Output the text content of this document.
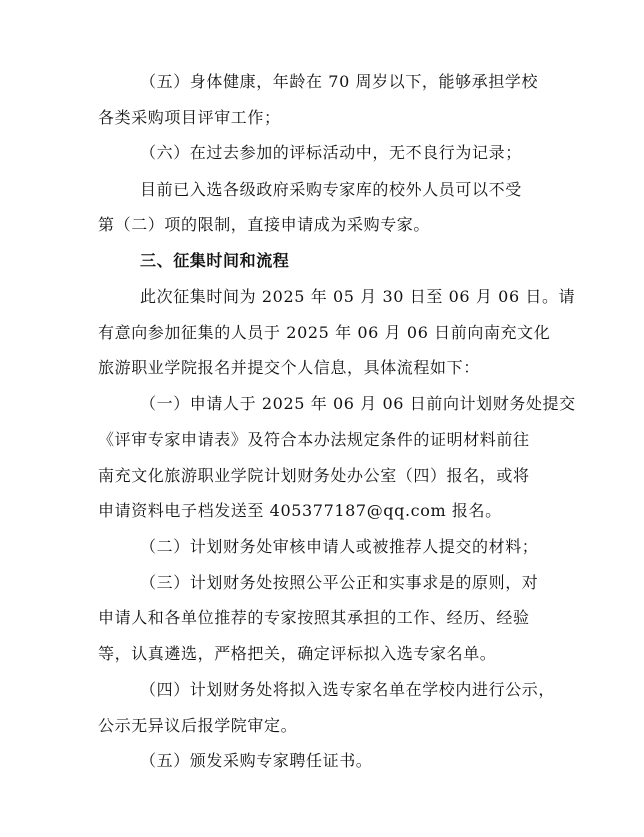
（五）身体健康，年龄在 70 周岁以下，能够承担学校
各类采购项目评审工作；
（六）在过去参加的评标活动中，无不良行为记录；
目前已入选各级政府采购专家库的校外人员可以不受
第（二）项的限制，直接申请成为采购专家。
三、征集时间和流程
此次征集时间为 2025 年 05 月 30 日至 06 月 06 日。请
有意向参加征集的人员于 2025 年 06 月 06 日前向南充文化
旅游职业学院报名并提交个人信息，具体流程如下：
（一）申请人于 2025 年 06 月 06 日前向计划财务处提交
《评审专家申请表》及符合本办法规定条件的证明材料前往
南充文化旅游职业学院计划财务处办公室（四）报名，或将
申请资料电子档发送至 405377187@qq.com 报名。
（二）计划财务处审核申请人或被推荐人提交的材料；
（三）计划财务处按照公平公正和实事求是的原则，对
申请人和各单位推荐的专家按照其承担的工作、经历、经验
等，认真遴选，严格把关，确定评标拟入选专家名单。
（四）计划财务处将拟入选专家名单在学校内进行公示，
公示无异议后报学院审定。
（五）颁发采购专家聘任证书。
